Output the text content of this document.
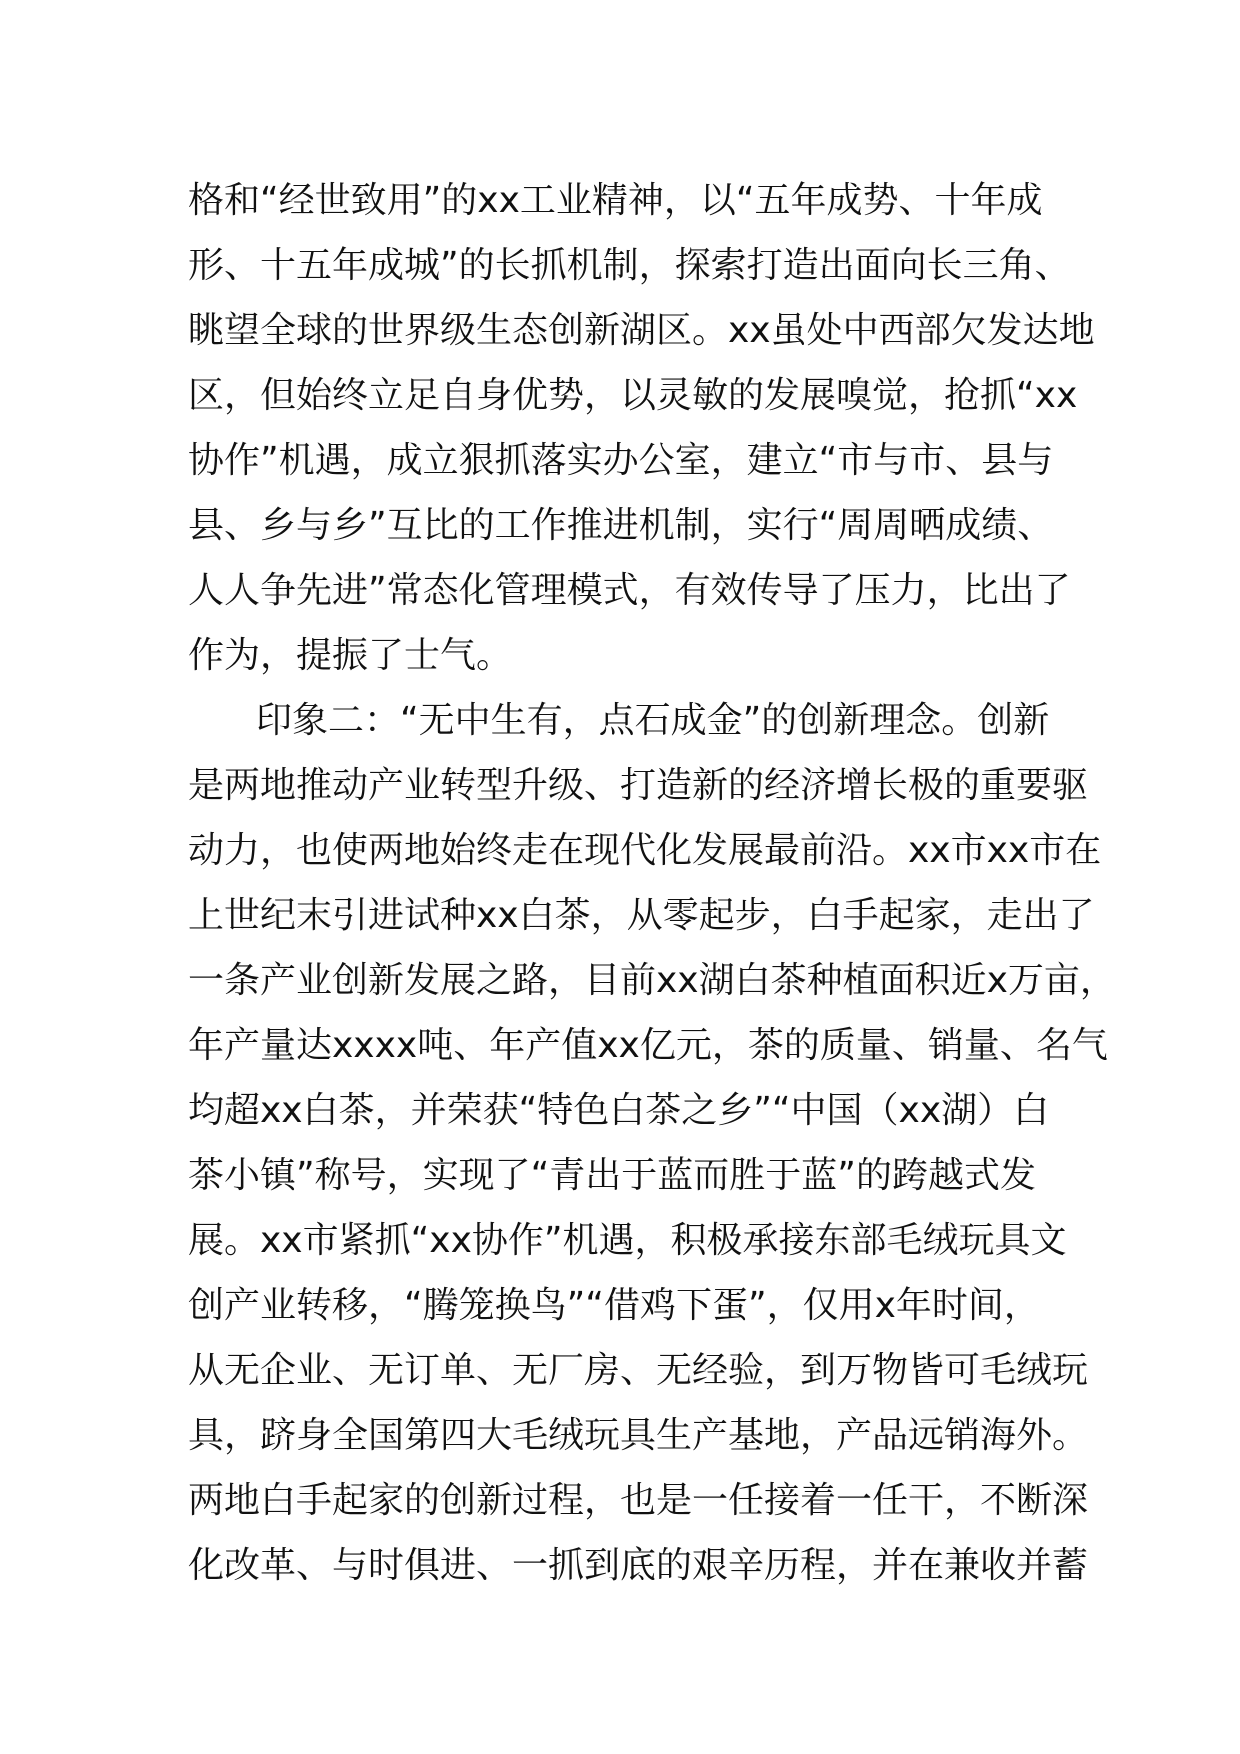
格和“经世致用”的xx工业精神，以“五年成势、十年成
形、十五年成城”的长抓机制，探索打造出面向长三角、
眺望全球的世界级生态创新湖区。xx虽处中西部欠发达地
区，但始终立足自身优势，以灵敏的发展嗅觉，抢抓“xx
协作”机遇，成立狠抓落实办公室，建立“市与市、县与
县、乡与乡”互比的工作推进机制，实行“周周晒成绩、
人人争先进”常态化管理模式，有效传导了压力，比出了
作为，提振了士气。
印象二：“无中生有，点石成金”的创新理念。创新
是两地推动产业转型升级、打造新的经济增长极的重要驱
动力，也使两地始终走在现代化发展最前沿。xx市xx市在
上世纪末引进试种xx白茶，从零起步，白手起家，走出了
一条产业创新发展之路，目前xx湖白茶种植面积近x万亩，
年产量达xxxx吨、年产值xx亿元，茶的质量、销量、名气
均超xx白茶，并荣获“特色白茶之乡”“中国（xx湖）白
茶小镇”称号，实现了“青出于蓝而胜于蓝”的跨越式发
展。xx市紧抓“xx协作”机遇，积极承接东部毛绒玩具文
创产业转移，“腾笼换鸟”“借鸡下蛋”，仅用x年时间，
从无企业、无订单、无厂房、无经验，到万物皆可毛绒玩
具，跻身全国第四大毛绒玩具生产基地，产品远销海外。
两地白手起家的创新过程，也是一任接着一任干，不断深
化改革、与时俱进、一抓到底的艰辛历程，并在兼收并蓄
